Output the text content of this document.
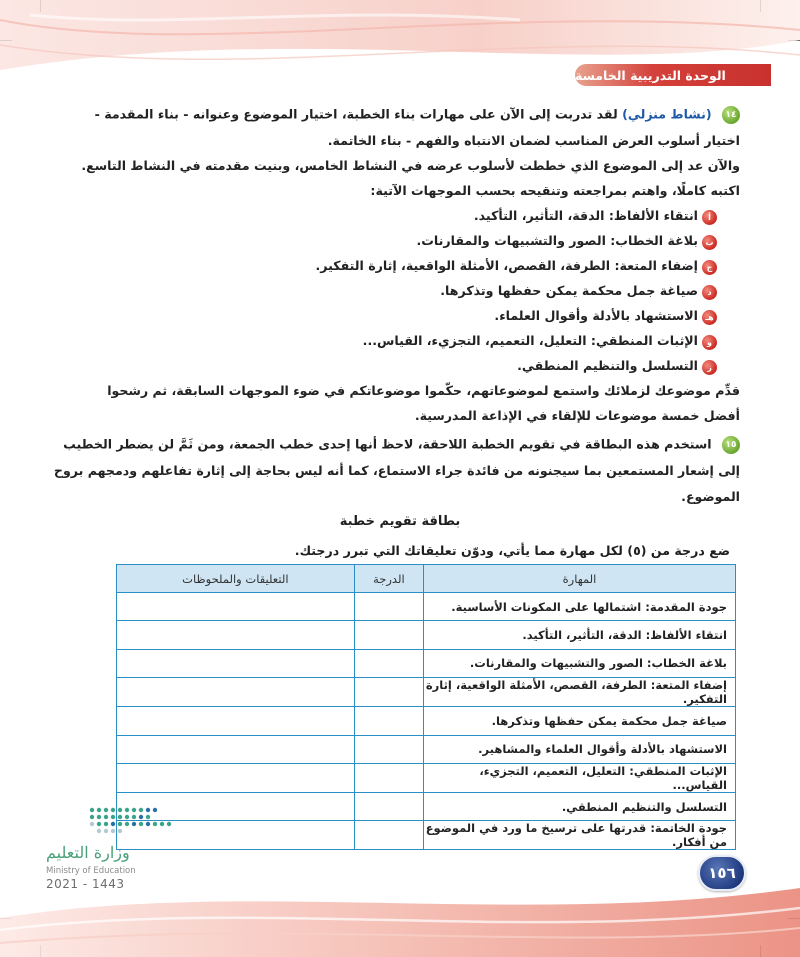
الوحدة التدريبية الخامسة
١٤ (نشاط منزلي) لقد تدربت إلى الآن على مهارات بناء الخطبة، اختيار الموضوع وعنوانه - بناء المقدمة -
اختيار أسلوب العرض المناسب لضمان الانتباه والفهم - بناء الخاتمة.
والآن عد إلى الموضوع الذي خططت لأسلوب عرضه في النشاط الخامس، وبنيت مقدمته في النشاط التاسع.
اكتبه كاملًا، واهتم بمراجعته وتنقيحه بحسب الموجهات الآتية:
أ
انتقاء الألفاظ: الدقة، التأثير، التأكيد.
ب
بلاغة الخطاب: الصور والتشبيهات والمقارنات.
ج
إضفاء المتعة: الطرفة، القصص، الأمثلة الواقعية، إثارة التفكير.
د
صياغة جمل محكمة يمكن حفظها وتذكرها.
هـ
الاستشهاد بالأدلة وأقوال العلماء.
و
الإثبات المنطقي: التعليل، التعميم، التجزيء، القياس...
ز
التسلسل والتنظيم المنطقي.
قدِّم موضوعك لزملائك واستمع لموضوعاتهم، حكّموا موضوعاتكم في ضوء الموجهات السابقة، ثم رشحوا
أفضل خمسة موضوعات للإلقاء في الإذاعة المدرسية.
١٥ استخدم هذه البطاقة في تقويم الخطبة اللاحقة، لاحظ أنها إحدى خطب الجمعة، ومن ثَمَّ لن يضطر الخطيب
إلى إشعار المستمعين بما سيجنونه من فائدة جراء الاستماع، كما أنه ليس بحاجة إلى إثارة تفاعلهم ودمجهم بروح
الموضوع.
بطاقة تقويم خطبة
ضع درجة من (٥) لكل مهارة مما يأتي، ودوّن تعليقاتك التي تبرر درجتك.
المهارة	الدرجة	التعليقات والملحوظات
جودة المقدمة: اشتمالها على المكونات الأساسية.		
انتقاء الألفاظ: الدقة، التأثير، التأكيد.		
بلاغة الخطاب: الصور والتشبيهات والمقارنات.		
إضفاء المتعة: الطرفة، القصص، الأمثلة الواقعية، إثارة التفكير.		
صياغة جمل محكمة يمكن حفظها وتذكرها.		
الاستشهاد بالأدلة وأقوال العلماء والمشاهير.		
الإثبات المنطقي: التعليل، التعميم، التجزيء، القياس...		
التسلسل والتنظيم المنطقي.		
جودة الخاتمة: قدرتها على ترسيخ ما ورد في الموضوع من أفكار.		
وزارة التعليم
Ministry of Education
2021 - 1443
١٥٦
